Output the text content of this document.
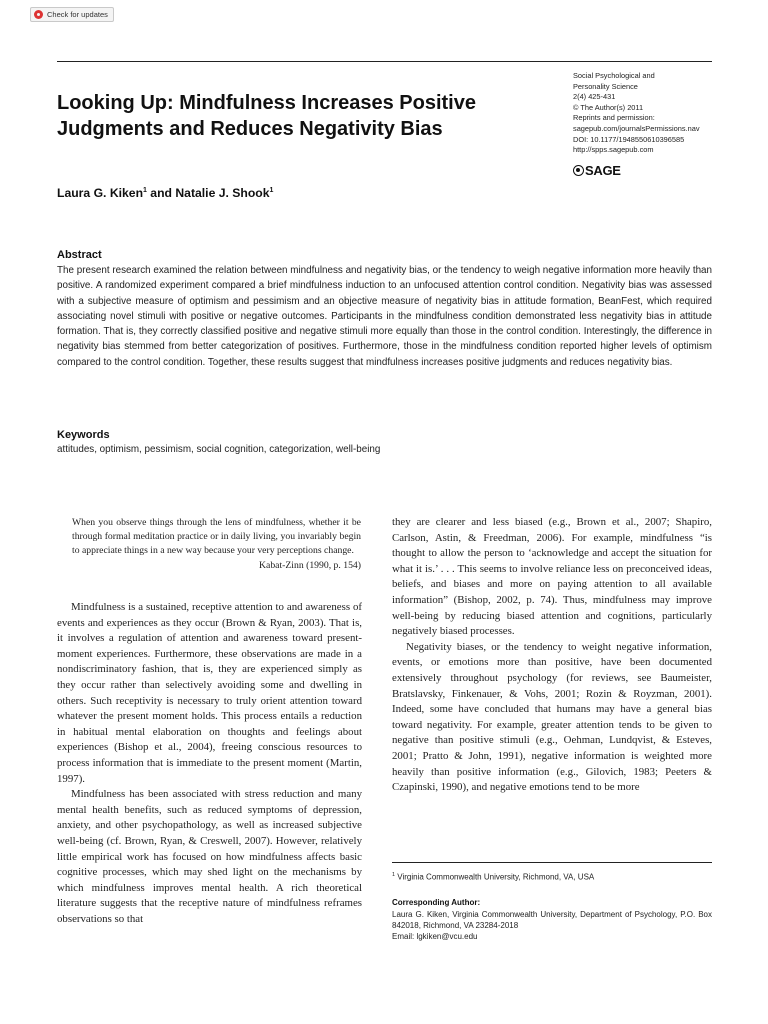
Check for updates
Looking Up: Mindfulness Increases Positive Judgments and Reduces Negativity Bias
Social Psychological and
Personality Science
2(4) 425-431
© The Author(s) 2011
Reprints and permission:
sagepub.com/journalsPermissions.nav
DOI: 10.1177/1948550610396585
http://spps.sagepub.com
SAGE
Laura G. Kiken$^1$ and Natalie J. Shook$^1$
Abstract
The present research examined the relation between mindfulness and negativity bias, or the tendency to weigh negative information more heavily than positive. A randomized experiment compared a brief mindfulness induction to an unfocused attention control condition. Negativity bias was assessed with a subjective measure of optimism and pessimism and an objective measure of negativity bias in attitude formation, BeanFest, which required associating novel stimuli with positive or negative outcomes. Participants in the mindfulness condition demonstrated less negativity bias in attitude formation. That is, they correctly classified positive and negative stimuli more equally than those in the control condition. Interestingly, the difference in negativity bias stemmed from better categorization of positives. Furthermore, those in the mindfulness condition reported higher levels of optimism compared to the control condition. Together, these results suggest that mindfulness increases positive judgments and reduces negativity bias.
Keywords
attitudes, optimism, pessimism, social cognition, categorization, well-being
When you observe things through the lens of mindfulness, whether it be through formal meditation practice or in daily living, you invariably begin to appreciate things in a new way because your very perceptions change.
Kabat-Zinn (1990, p. 154)

Mindfulness is a sustained, receptive attention to and awareness of events and experiences as they occur (Brown & Ryan, 2003). That is, it involves a regulation of attention and awareness toward present-moment experiences. Furthermore, these observations are made in a nondiscriminatory fashion, that is, they are experienced simply as they occur rather than selectively avoiding some and dwelling in others. Such receptivity is necessary to truly orient attention toward whatever the present moment holds. This process entails a reduction in habitual mental elaboration on thoughts and feelings about experiences (Bishop et al., 2004), freeing conscious resources to process information that is immediate to the present moment (Martin, 1997).

Mindfulness has been associated with stress reduction and many mental health benefits, such as reduced symptoms of depression, anxiety, and other psychopathology, as well as increased subjective well-being (cf. Brown, Ryan, & Creswell, 2007). However, relatively little empirical work has focused on how mindfulness affects basic cognitive processes, which may shed light on the mechanisms by which mindfulness improves mental health. A rich theoretical literature suggests that the receptive nature of mindfulness reframes observations so that

they are clearer and less biased (e.g., Brown et al., 2007; Shapiro, Carlson, Astin, & Freedman, 2006). For example, mindfulness “is thought to allow the person to ‘acknowledge and accept the situation for what it is.’ . . . This seems to involve reliance less on preconceived ideas, beliefs, and biases and more on paying attention to all available information” (Bishop, 2002, p. 74). Thus, mindfulness may improve well-being by reducing biased attention and cognitions, particularly negatively biased processes.

Negativity biases, or the tendency to weight negative information, events, or emotions more than positive, have been documented extensively throughout psychology (for reviews, see Baumeister, Bratslavsky, Finkenauer, & Vohs, 2001; Rozin & Royzman, 2001). Indeed, some have concluded that humans may have a general bias toward negativity. For example, greater attention tends to be given to negative than positive stimuli (e.g., Oehman, Lundqvist, & Esteves, 2001; Pratto & John, 1991), negative information is weighted more heavily than positive information (e.g., Gilovich, 1983; Peeters & Czapinski, 1990), and negative emotions tend to be more

$^1$ Virginia Commonwealth University, Richmond, VA, USA
Corresponding Author:
Laura G. Kiken, Virginia Commonwealth University, Department of Psychology, P.O. Box 842018, Richmond, VA 23284-2018
Email: lgkiken@vcu.edu
